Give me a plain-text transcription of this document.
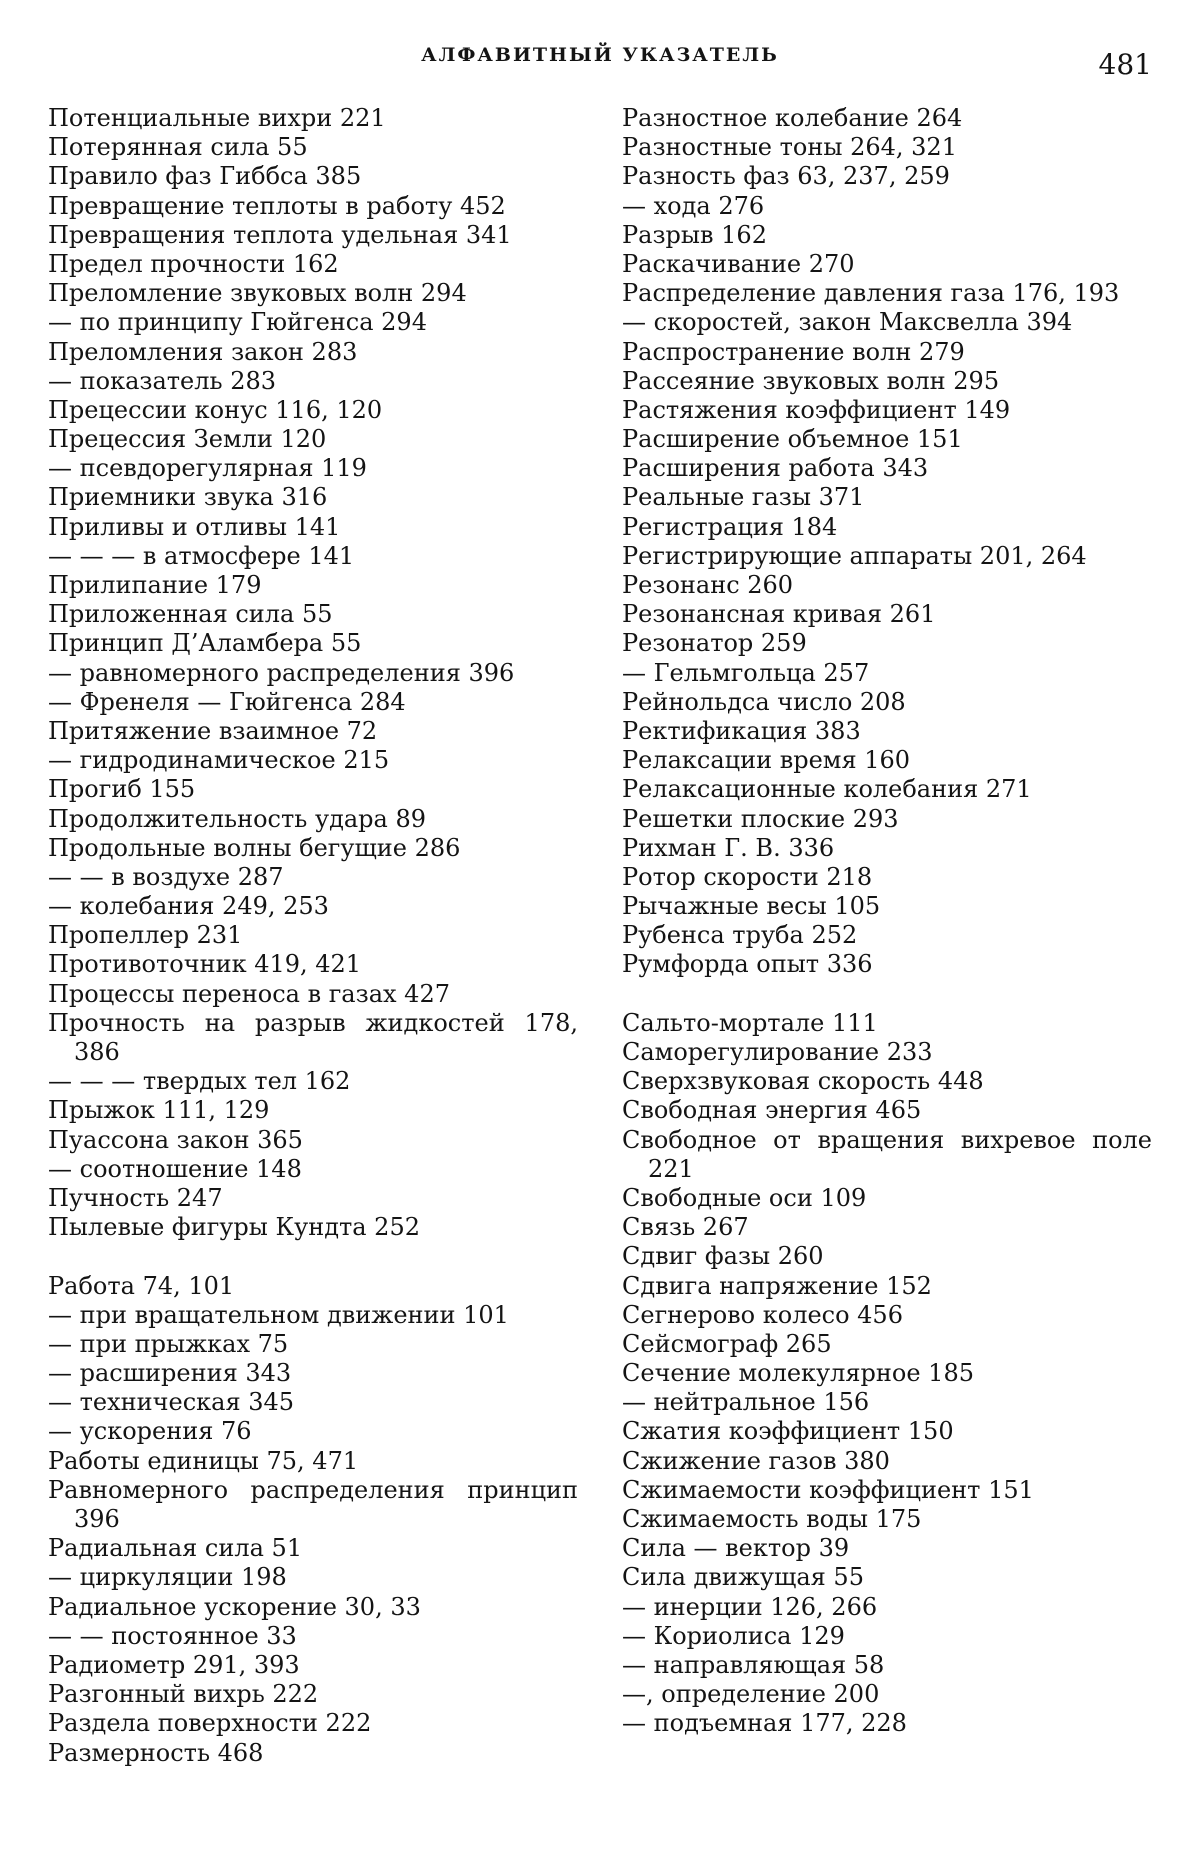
АЛФАВИТНЫЙ УКАЗАТЕЛЬ	481
Потенциальные вихри 221
Потерянная сила 55
Правило фаз Гиббса 385
Превращение теплоты в работу 452
Превращения теплота удельная 341
Предел прочности 162
Преломление звуковых волн 294
— по принципу Гюйгенса 294
Преломления закон 283
— показатель 283
Прецессии конус 116, 120
Прецессия Земли 120
— псевдорегулярная 119
Приемники звука 316
Приливы и отливы 141
— — — в атмосфере 141
Прилипание 179
Приложенная сила 55
Принцип Д’Аламбера 55
— равномерного распределения 396
— Френеля — Гюйгенса 284
Притяжение взаимное 72
— гидродинамическое 215
Прогиб 155
Продолжительность удара 89
Продольные волны бегущие 286
— — в воздухе 287
— колебания 249, 253
Пропеллер 231
Противоточник 419, 421
Процессы переноса в газах 427
Прочность на разрыв жидкостей 178, 386
— — — твердых тел 162
Прыжок 111, 129
Пуассона закон 365
— соотношение 148
Пучность 247
Пылевые фигуры Кундта 252
Работа 74, 101
— при вращательном движении 101
— при прыжках 75
— расширения 343
— техническая 345
— ускорения 76
Работы единицы 75, 471
Равномерного распределения принцип 396
Радиальная сила 51
— циркуляции 198
Радиальное ускорение 30, 33
— — постоянное 33
Радиометр 291, 393
Разгонный вихрь 222
Раздела поверхности 222
Размерность 468
Разностное колебание 264
Разностные тоны 264, 321
Разность фаз 63, 237, 259
— хода 276
Разрыв 162
Раскачивание 270
Распределение давления газа 176, 193
— скоростей, закон Максвелла 394
Распространение волн 279
Рассеяние звуковых волн 295
Растяжения коэффициент 149
Расширение объемное 151
Расширения работа 343
Реальные газы 371
Регистрация 184
Регистрирующие аппараты 201, 264
Резонанс 260
Резонансная кривая 261
Резонатор 259
— Гельмгольца 257
Рейнольдса число 208
Ректификация 383
Релаксации время 160
Релаксационные колебания 271
Решетки плоские 293
Рихман Г. В. 336
Ротор скорости 218
Рычажные весы 105
Рубенса труба 252
Румфорда опыт 336
Сальто-мортале 111
Саморегулирование 233
Сверхзвуковая скорость 448
Свободная энергия 465
Свободное от вращения вихревое поле 221
Свободные оси 109
Связь 267
Сдвиг фазы 260
Сдвига напряжение 152
Сегнерово колесо 456
Сейсмограф 265
Сечение молекулярное 185
— нейтральное 156
Сжатия коэффициент 150
Сжижение газов 380
Сжимаемости коэффициент 151
Сжимаемость воды 175
Сила — вектор 39
Сила движущая 55
— инерции 126, 266
— Кориолиса 129
— направляющая 58
—, определение 200
— подъемная 177, 228
